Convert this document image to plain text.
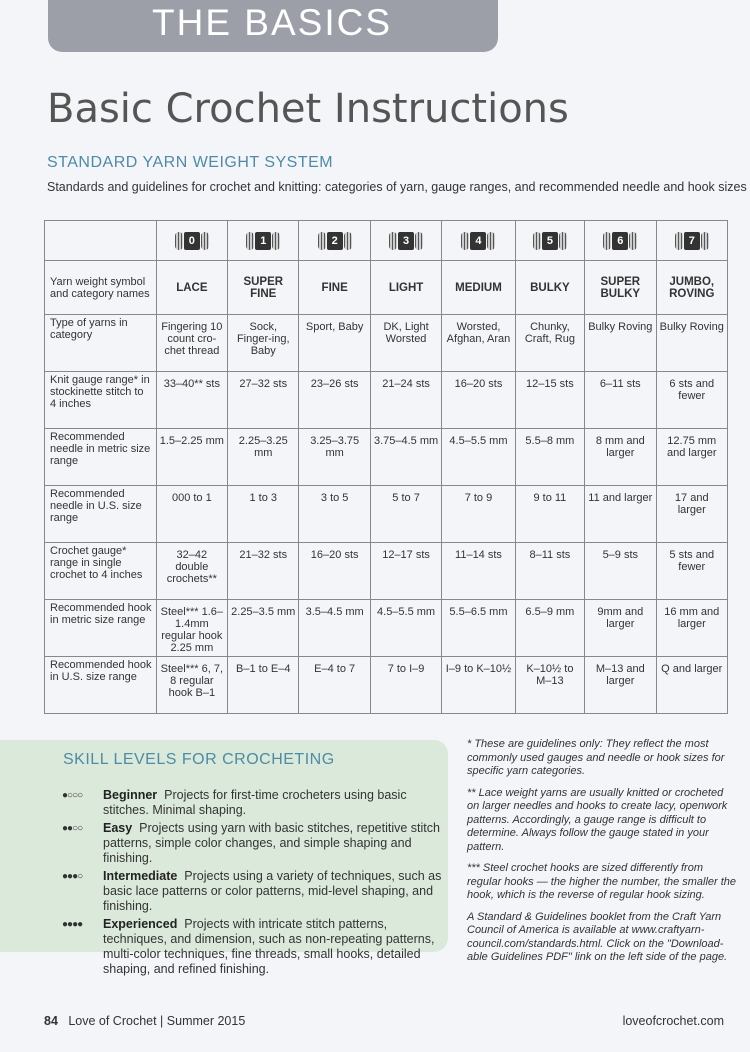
THE BASICS
Basic Crochet Instructions
STANDARD YARN WEIGHT SYSTEM
Standards and guidelines for crochet and knitting: categories of yarn, gauge ranges, and recommended needle and hook sizes

	0	1	2	3	4	5	6	7

Yarn weight symbol and category names	LACE	SUPER FINE	FINE	LIGHT	MEDIUM	BULKY	SUPER BULKY	JUMBO, ROVING
Type of yarns in category	Fingering 10 count cro-chet thread	Sock, Finger-ing, Baby	Sport, Baby	DK, Light Worsted	Worsted, Afghan, Aran	Chunky, Craft, Rug	Bulky Roving	Bulky Roving
Knit gauge range* in stockinette stitch to 4 inches	33–40** sts	27–32 sts	23–26 sts	21–24 sts	16–20 sts	12–15 sts	6–11 sts	6 sts and fewer
Recommended needle in metric size range	1.5–2.25 mm	2.25–3.25 mm	3.25–3.75 mm	3.75–4.5 mm	4.5–5.5 mm	5.5–8 mm	8 mm and larger	12.75 mm and larger
Recommended needle in U.S. size range	000 to 1	1 to 3	3 to 5	5 to 7	7 to 9	9 to 11	11 and larger	17 and larger
Crochet gauge* range in single crochet to 4 inches	32–42 double crochets**	21–32 sts	16–20 sts	12–17 sts	11–14 sts	8–11 sts	5–9 sts	5 sts and fewer
Recommended hook in metric size range	Steel*** 1.6–1.4mm regular hook 2.25 mm	2.25–3.5 mm	3.5–4.5 mm	4.5–5.5 mm	5.5–6.5 mm	6.5–9 mm	9mm and larger	16 mm and larger
Recommended hook in U.S. size range	Steel*** 6, 7, 8 regular hook B–1	B–1 to E–4	E–4 to 7	7 to I–9	I–9 to K–10½	K–10½ to M–13	M–13 and larger	Q and larger
SKILL LEVELS FOR CROCHETING
●○○○	Beginner Projects for first-time crocheters using basic stitches. Minimal shaping.
●●○○	Easy Projects using yarn with basic stitches, repetitive stitch patterns, simple color changes, and simple shaping and finishing.
●●●○	Intermediate Projects using a variety of techniques, such as basic lace patterns or color patterns, mid-level shaping, and finishing.
●●●●	Experienced Projects with intricate stitch patterns, techniques, and dimension, such as non-repeating patterns, multi-color techniques, fine threads, small hooks, detailed shaping, and refined finishing.

* These are guidelines only: They reflect the most commonly used gauges and needle or hook sizes for specific yarn categories.

** Lace weight yarns are usually knitted or crocheted on larger needles and hooks to create lacy, openwork patterns. Accordingly, a gauge range is difficult to determine. Always follow the gauge stated in your pattern.

*** Steel crochet hooks are sized differently from regular hooks — the higher the number, the smaller the hook, which is the reverse of regular hook sizing.

A Standard & Guidelines booklet from the Craft Yarn Council of America is available at www.craftyarn-council.com/standards.html. Click on the "Download-able Guidelines PDF" link on the left side of the page.

84 Love of Crochet | Summer 2015	loveofcrochet.com
